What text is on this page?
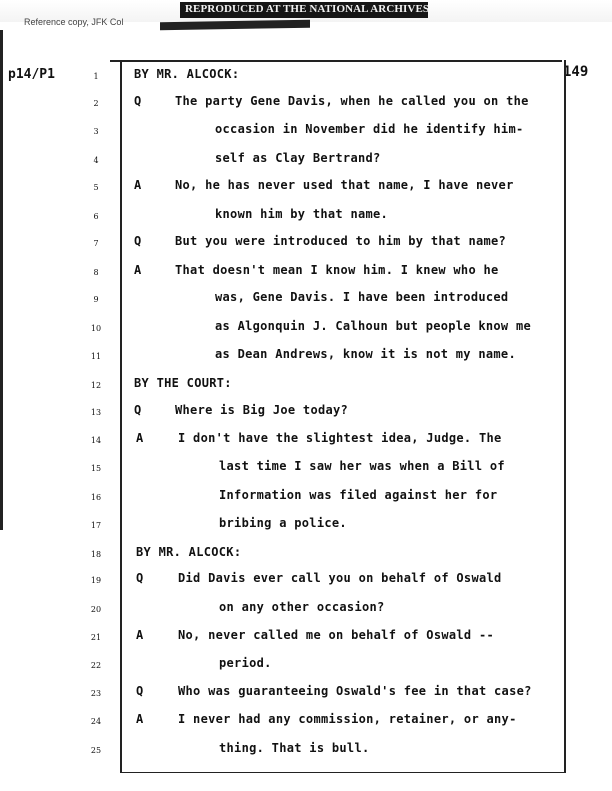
REPRODUCED AT THE NATIONAL ARCHIVES
Reference copy, JFK Col
p14/P1	149
1	BY MR. ALCOCK:
2	Q	The party Gene Davis, when he called you on the
3	occasion in November did he identify him-
4	self as Clay Bertrand?
5	A	No, he has never used that name, I have never
6	known him by that name.
7	Q	But you were introduced to him by that name?
8	A	That doesn't mean I know him. I knew who he
9	was, Gene Davis. I have been introduced
10	as Algonquin J. Calhoun but people know me
11	as Dean Andrews, know it is not my name.
12	BY THE COURT:
13	Q	Where is Big Joe today?
14	A	I don't have the slightest idea, Judge. The
15	last time I saw her was when a Bill of
16	Information was filed against her for
17	bribing a police.
18	BY MR. ALCOCK:
19	Q	Did Davis ever call you on behalf of Oswald
20	on any other occasion?
21	A	No, never called me on behalf of Oswald --
22	period.
23	Q	Who was guaranteeing Oswald's fee in that case?
24	A	I never had any commission, retainer, or any-
25	thing. That is bull.
